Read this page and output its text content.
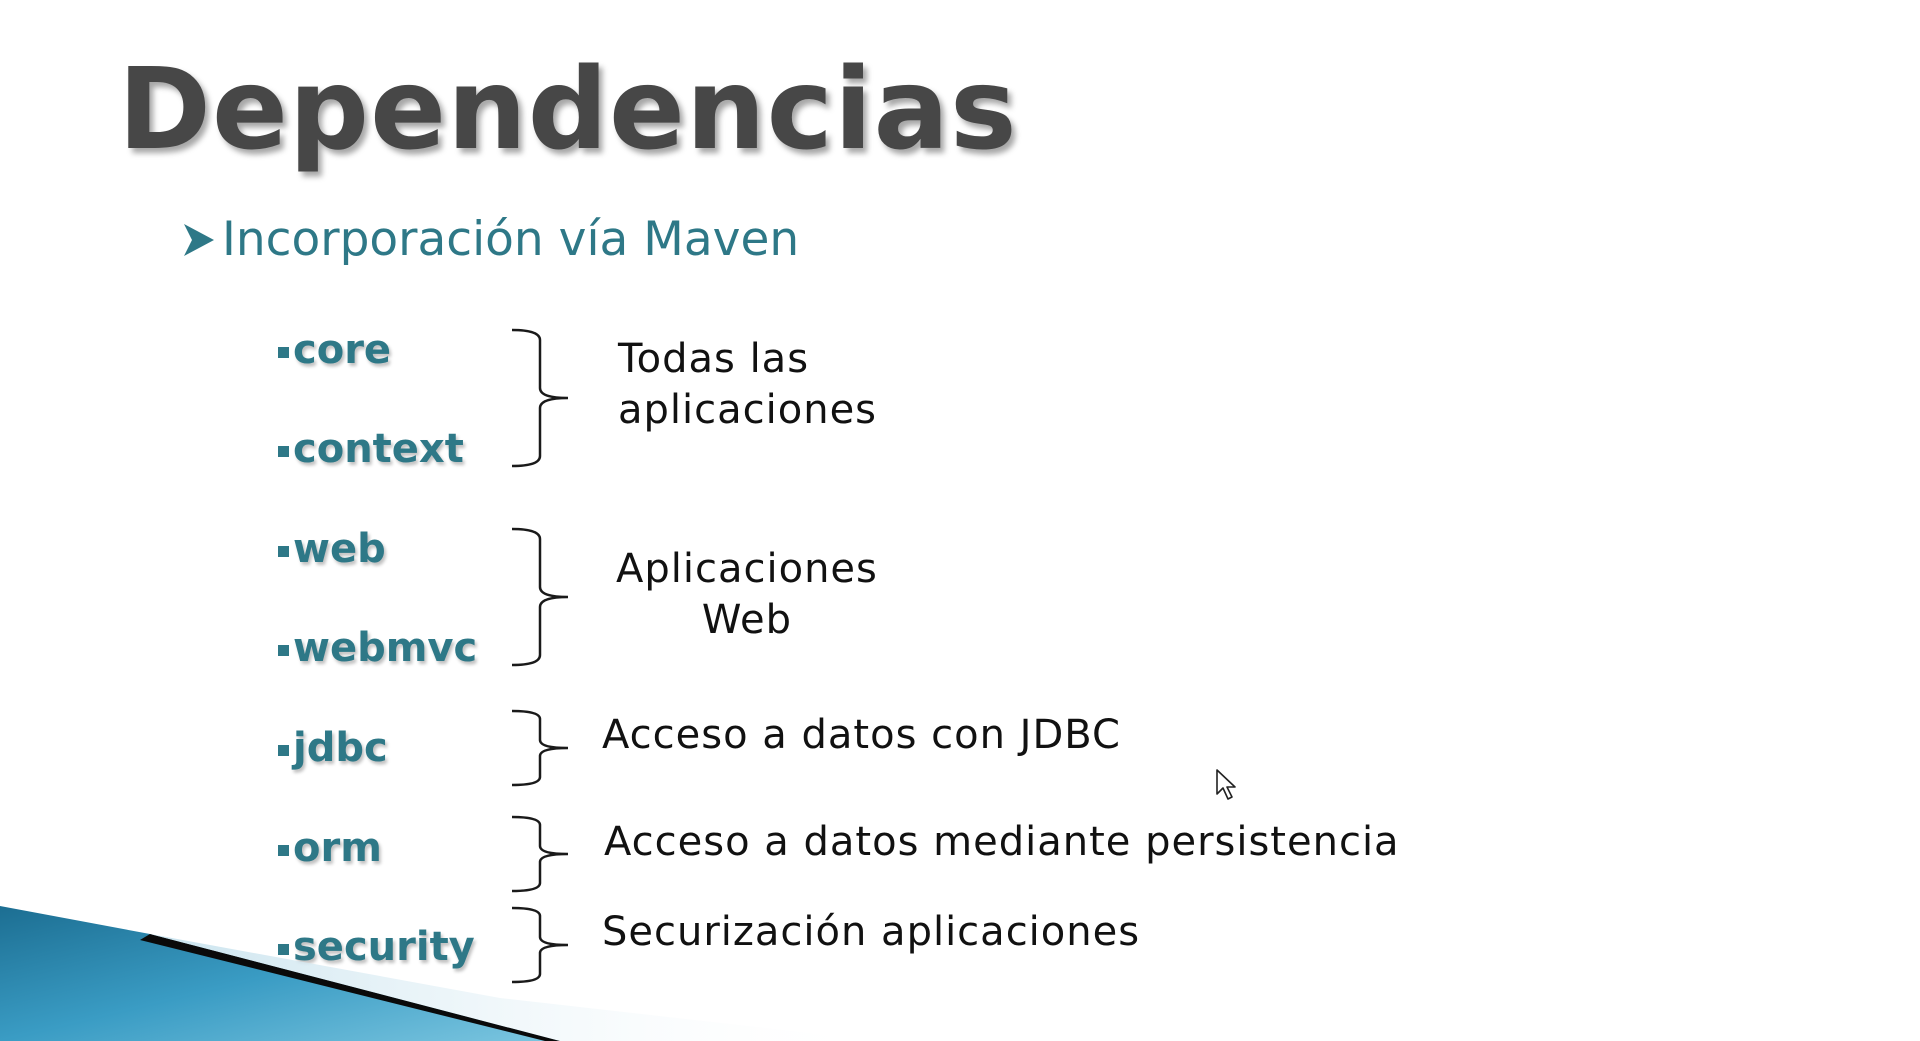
Dependencias
Incorporación vía Maven
core
context
web
webmvc
jdbc
orm
security
Todas las
aplicaciones
Aplicaciones
Web
Acceso a datos con JDBC
Acceso a datos mediante persistencia
Securización aplicaciones
